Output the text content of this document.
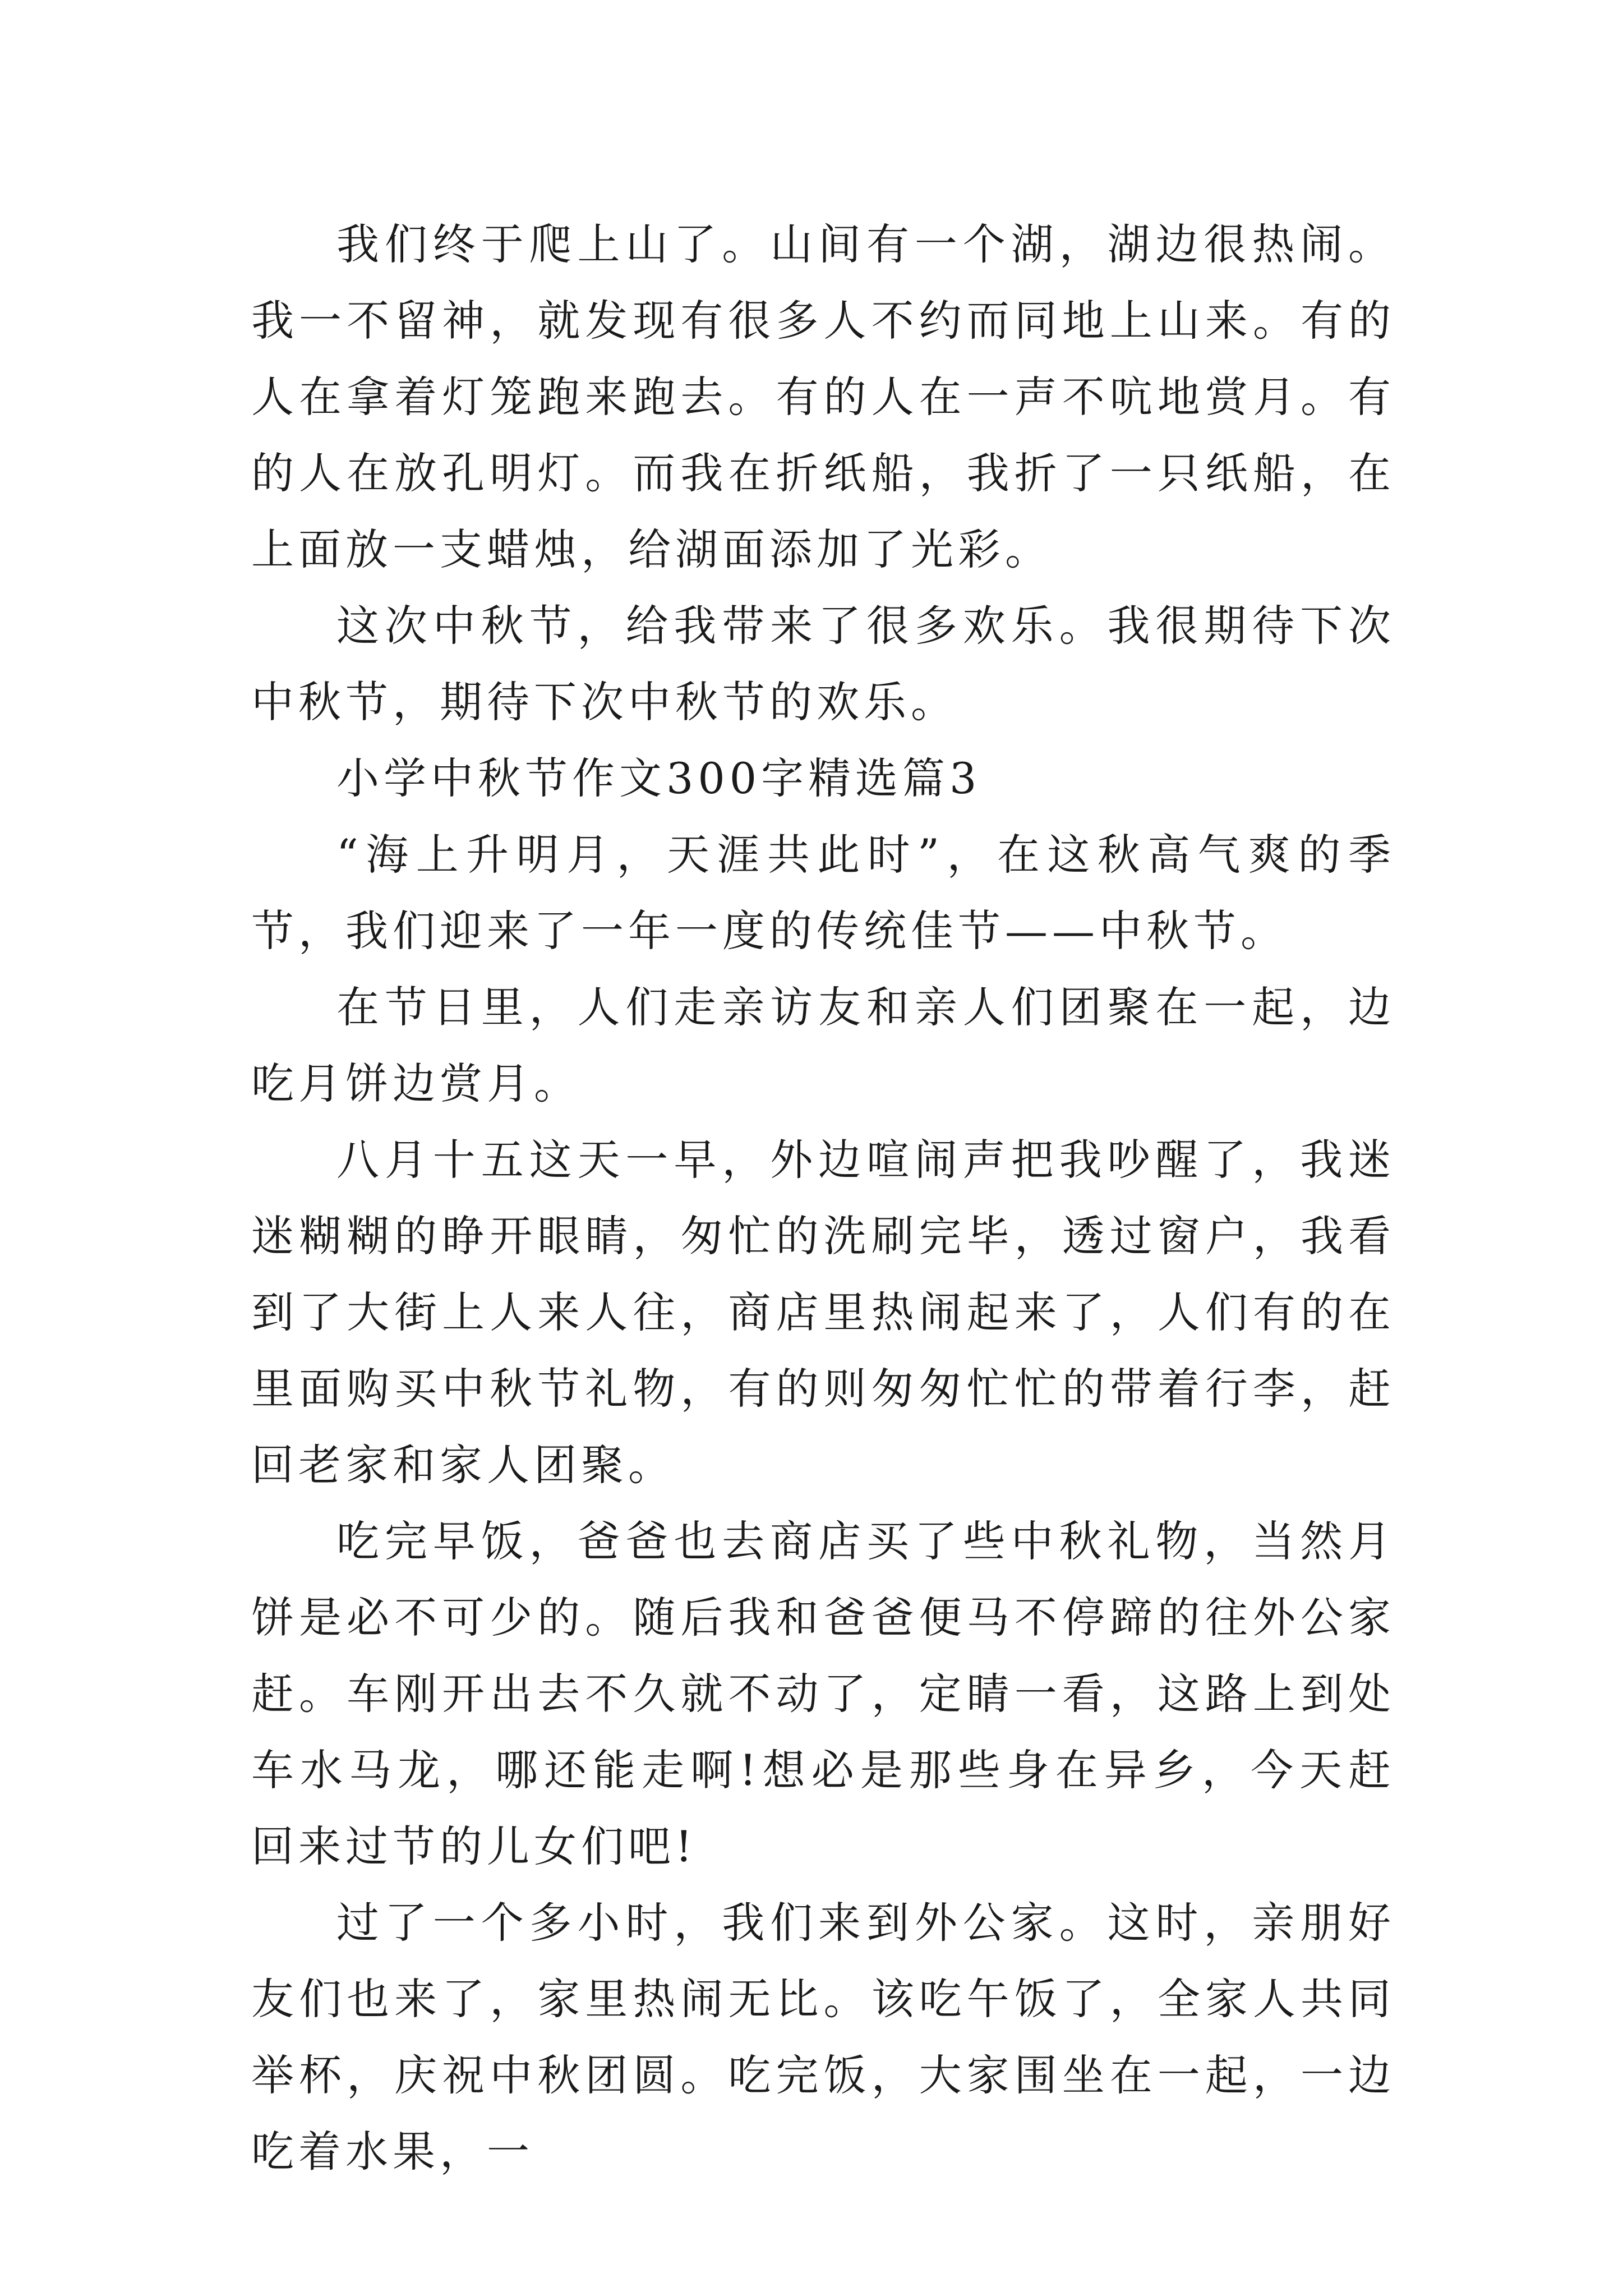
我们终于爬上山了。山间有一个湖，湖边很热闹。我一不留神，就发现有很多人不约而同地上山来。有的人在拿着灯笼跑来跑去。有的人在一声不吭地赏月。有的人在放孔明灯。而我在折纸船，我折了一只纸船，在上面放一支蜡烛，给湖面添加了光彩。

这次中秋节，给我带来了很多欢乐。我很期待下次中秋节，期待下次中秋节的欢乐。

小学中秋节作文300字精选篇3

“海上升明月，天涯共此时”，在这秋高气爽的季节，我们迎来了一年一度的传统佳节——中秋节。

在节日里，人们走亲访友和亲人们团聚在一起，边吃月饼边赏月。

八月十五这天一早，外边喧闹声把我吵醒了，我迷迷糊糊的睁开眼睛，匆忙的洗刷完毕，透过窗户，我看到了大街上人来人往，商店里热闹起来了，人们有的在里面购买中秋节礼物，有的则匆匆忙忙的带着行李，赶回老家和家人团聚。

吃完早饭，爸爸也去商店买了些中秋礼物，当然月饼是必不可少的。随后我和爸爸便马不停蹄的往外公家赶。车刚开出去不久就不动了，定睛一看，这路上到处车水马龙，哪还能走啊!想必是那些身在异乡，今天赶回来过节的儿女们吧!

过了一个多小时，我们来到外公家。这时，亲朋好友们也来了，家里热闹无比。该吃午饭了，全家人共同举杯，庆祝中秋团圆。吃完饭，大家围坐在一起，一边吃着水果，一
